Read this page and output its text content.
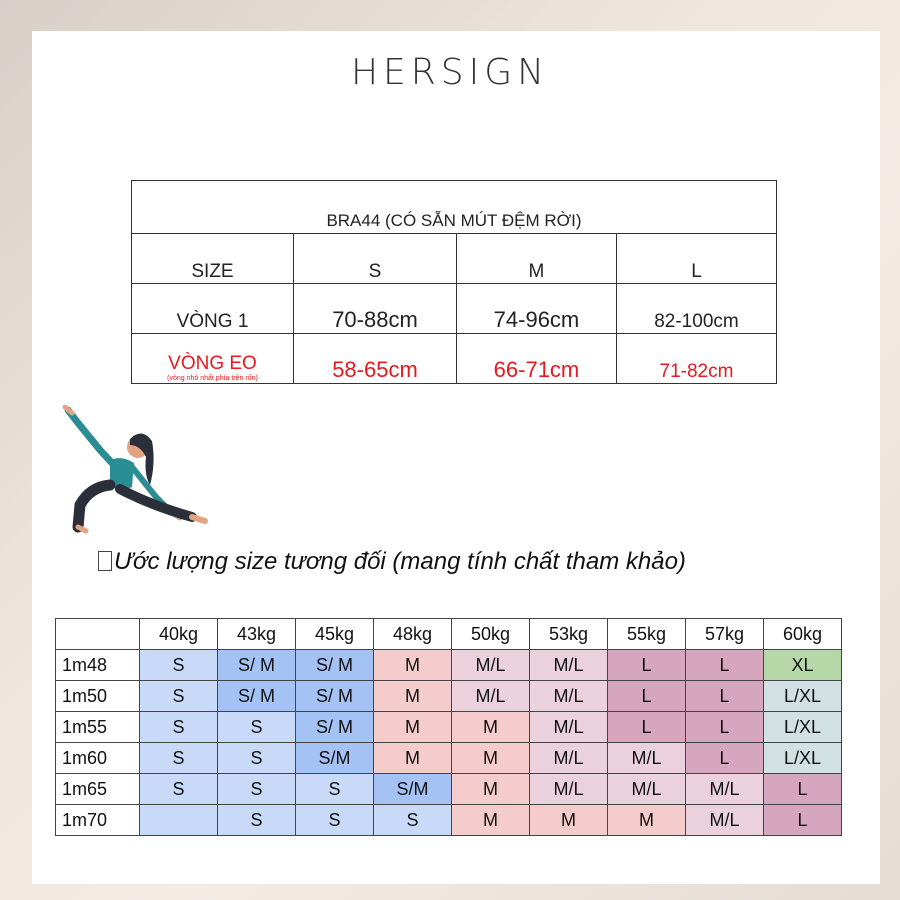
HERSIGN
BRA44 (CÓ SẴN MÚT ĐỆM RỜI)			
SIZE	S	M	L
VÒNG 1	70-88cm	74-96cm	82-100cm
VÒNG EO
(vòng nhỏ nhất phía trên rốn)	58-65cm	66-71cm	71-82cm
Ước lượng size tương đối (mang tính chất tham khảo)
	40kg	43kg	45kg	48kg	50kg	53kg	55kg	57kg	60kg
1m48	S	S/ M	S/ M	M	M/L	M/L	L	L	XL
1m50	S	S/ M	S/ M	M	M/L	M/L	L	L	L/XL
1m55	S	S	S/ M	M	M	M/L	L	L	L/XL
1m60	S	S	S/M	M	M	M/L	M/L	L	L/XL
1m65	S	S	S	S/M	M	M/L	M/L	M/L	L
1m70		S	S	S	M	M	M	M/L	L
